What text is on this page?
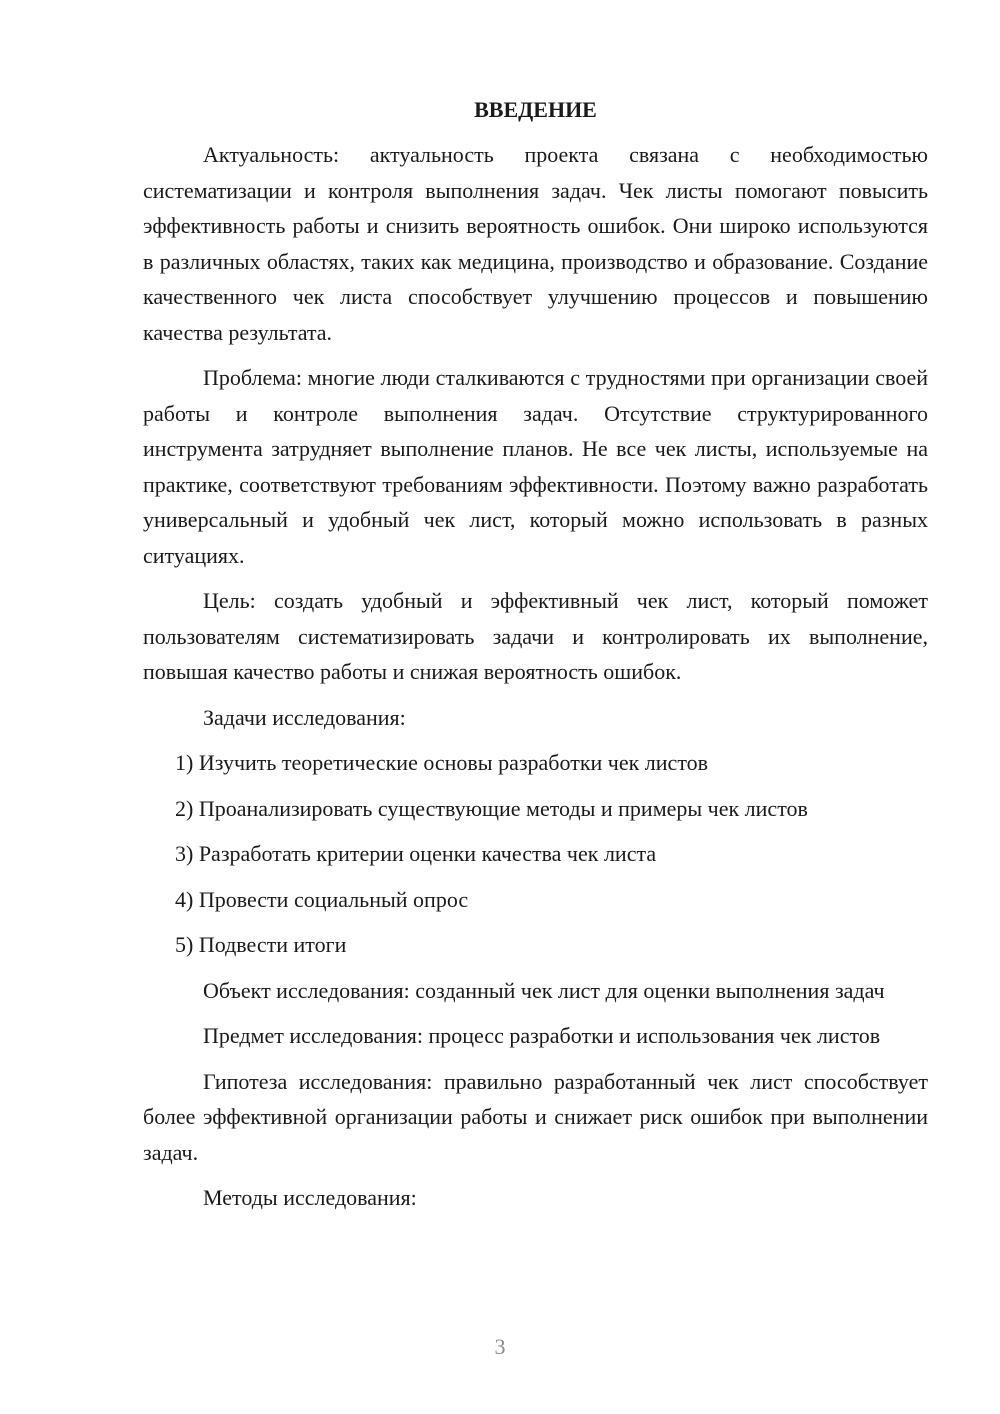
ВВЕДЕНИЕ

Актуальность: актуальность проекта связана с необходимостью систематизации и контроля выполнения задач. Чек листы помогают повысить эффективность работы и снизить вероятность ошибок. Они широко используются в различных областях, таких как медицина, производство и образование. Создание качественного чек листа способствует улучшению процессов и повышению качества результата.

Проблема: многие люди сталкиваются с трудностями при организации своей работы и контроле выполнения задач. Отсутствие структурированного инструмента затрудняет выполнение планов. Не все чек листы, используемые на практике, соответствуют требованиям эффективности. Поэтому важно разработать универсальный и удобный чек лист, который можно использовать в разных ситуациях.

Цель: создать удобный и эффективный чек лист, который поможет пользователям систематизировать задачи и контролировать их выполнение, повышая качество работы и снижая вероятность ошибок.

Задачи исследования:

1) Изучить теоретические основы разработки чек листов
2) Проанализировать существующие методы и примеры чек листов
3) Разработать критерии оценки качества чек листа
4) Провести социальный опрос
5) Подвести итоги

Объект исследования: созданный чек лист для оценки выполнения задач

Предмет исследования: процесс разработки и использования чек листов

Гипотеза исследования: правильно разработанный чек лист способствует более эффективной организации работы и снижает риск ошибок при выполнении задач.

Методы исследования:

3
